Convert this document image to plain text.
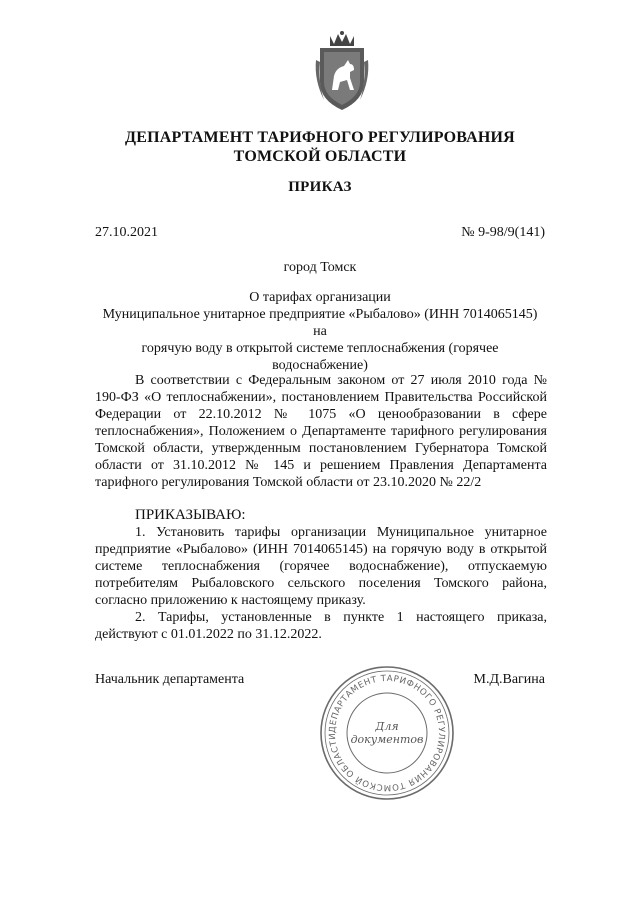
ДЕПАРТАМЕНТ ТАРИФНОГО РЕГУЛИРОВАНИЯ
ТОМСКОЙ ОБЛАСТИ
ПРИКАЗ
27.10.2021	№ 9-98/9(141)
город Томск
О тарифах организации
Муниципальное унитарное предприятие «Рыбалово» (ИНН 7014065145) на
горячую воду в открытой системе теплоснабжения (горячее водоснабжение)

В соответствии с Федеральным законом от 27 июля 2010 года № 190-ФЗ «О теплоснабжении», постановлением Правительства Российской Федерации от 22.10.2012 № 1075 «О ценообразовании в сфере теплоснабжения», Положением о Департаменте тарифного регулирования Томской области, утвержденным постановлением Губернатора Томской области от 31.10.2012 № 145 и решением Правления Департамента тарифного регулирования Томской области от 23.10.2020 № 22/2

ПРИКАЗЫВАЮ:

1. Установить тарифы организации Муниципальное унитарное предприятие «Рыбалово» (ИНН 7014065145) на горячую воду в открытой системе теплоснабжения (горячее водоснабжение), отпускаемую потребителям Рыбаловского сельского поселения Томского района, согласно приложению к настоящему приказу.

2. Тарифы, установленные в пункте 1 настоящего приказа, действуют с 01.01.2022 по 31.12.2022.

Начальник департамента	М.Д.Вагина
ДЕПАРТАМЕНТ ТАРИФНОГО РЕГУЛИРОВАНИЯ ТОМСКОЙ ОБЛАСТИ
Для
документов
